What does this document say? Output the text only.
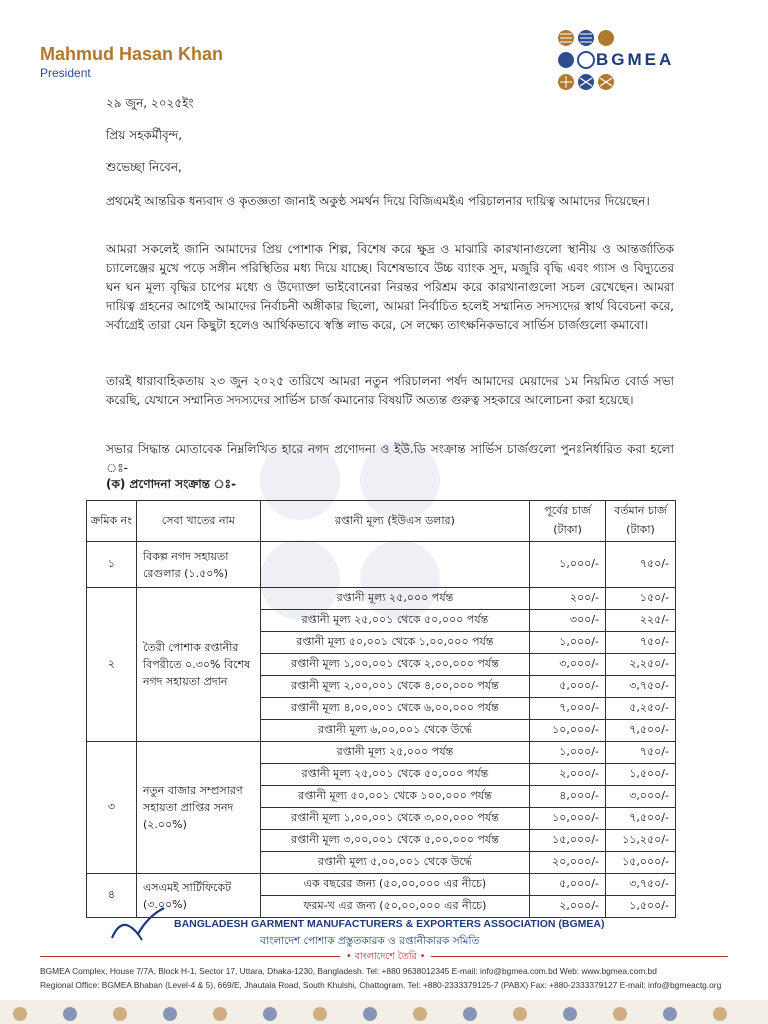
Mahmud Hasan Khan
President
BGMEA
২৯ জুন, ২০২৫ইং
প্রিয় সহকর্মীবৃন্দ,
শুভেচ্ছা নিবেন,
প্রথমেই আন্তরিক ধন্যবাদ ও কৃতজ্ঞতা জানাই অকুণ্ঠ সমর্থন দিয়ে বিজিএমইএ পরিচালনার দায়িত্ব আমাদের দিয়েছেন।
আমরা সকলেই জানি আমাদের প্রিয় পোশাক শিল্প, বিশেষ করে ক্ষুদ্র ও মাঝারি কারখানাগুলো স্থানীয় ও আন্তর্জাতিক চ্যালেঞ্জের মুখে পড়ে সঙ্গীন পরিস্থিতির মধ্য দিয়ে যাচ্ছে। বিশেষভাবে উচ্চ ব্যাংক সুদ, মজুরি বৃদ্ধি এবং গ্যাস ও বিদ্যুতের ঘন ঘন মূল্য বৃদ্ধির চাপের মধ্যে ও উদ্যোক্তা ভাইবোনেরা নিরন্তর পরিশ্রম করে কারখানাগুলো সচল রেখেছেন। আমরা দায়িত্ব গ্রহনের আগেই আমাদের নির্বাচনী অঙ্গীকার ছিলো, আমরা নির্বাচিত হলেই সম্মানিত সদস্যদের স্বার্থ বিবেচনা করে, সর্বাগ্রেই তারা যেন কিছুটা হলেও আর্থিকভাবে স্বস্তি লাভ করে, সে লক্ষ্যে তাৎক্ষনিকভাবে সার্ভিস চার্জগুলো কমাবো।
তারই ধারাবাহিকতায় ২৩ জুন ২০২৫ তারিখে আমরা নতুন পরিচালনা পর্ষদ আমাদের মেয়াদের ১ম নিয়মিত বোর্ড সভা করেছি, যেখানে সম্মানিত সদস্যদের সার্ভিস চার্জ কমানোর বিষয়টি অত্যন্ত গুরুত্ব সহকারে আলোচনা করা হয়েছে।
সভার সিদ্ধান্ত মোতাবেক নিম্নলিখিত হারে নগদ প্রণোদনা ও ইউ.ডি সংক্রান্ত সার্ভিস চার্জগুলো পুনঃনির্ধারিত করা হলো ঃ-
(ক) প্রণোদনা সংক্রান্ত ঃ-
ক্রমিক নং	সেবা খাতের নাম	রপ্তানী মূল্য (ইউএস ডলার)	পূর্বের চার্জ (টাকা)	বর্তমান চার্জ (টাকা)
১	বিকল্প নগদ সহায়তা রেগুলার (১.৫০%)		১,০০০/-	৭৫০/-
২	তৈরী পোশাক রপ্তানীর বিপরীতে ০.৩০% বিশেষ নগদ সহায়তা প্রদান	রপ্তানী মূল্য ২৫,০০০ পর্যন্ত	২০০/-	১৫০/-
		রপ্তানী মূল্য ২৫,০০১ থেকে ৫০,০০০ পর্যন্ত	৩০০/-	২২৫/-
		রপ্তানী মূল্য ৫০,০০১ থেকে ১,০০,০০০ পর্যন্ত	১,০০০/-	৭৫০/-
		রপ্তানী মূল্য ১,০০,০০১ থেকে ২,০০,০০০ পর্যন্ত	৩,০০০/-	২,২৫০/-
		রপ্তানী মূল্য ২,০০,০০১ থেকে ৪,০০,০০০ পর্যন্ত	৫,০০০/-	৩,৭৫০/-
		রপ্তানী মূল্য ৪,০০,০০১ থেকে ৬,০০,০০০ পর্যন্ত	৭,০০০/-	৫,২৫০/-
		রপ্তানী মূল্য ৬,০০,০০১ থেকে উর্দ্ধে	১০,০০০/-	৭,৫০০/-
৩	নতুন বাজার সম্প্রসারণ সহায়তা প্রাপ্তির সনদ (২.০০%)	রপ্তানী মূল্য ২৫,০০০ পর্যন্ত	১,০০০/-	৭৫০/-
		রপ্তানী মূল্য ২৫,০০১ থেকে ৫০,০০০ পর্যন্ত	২,০০০/-	১,৫০০/-
		রপ্তানী মূল্য ৫০,০০১ থেকে ১০০,০০০ পর্যন্ত	৪,০০০/-	৩,০০০/-
		রপ্তানী মূল্য ১,০০,০০১ থেকে ৩,০০,০০০ পর্যন্ত	১০,০০০/-	৭,৫০০/-
		রপ্তানী মূল্য ৩,০০,০০১ থেকে ৫,০০,০০০ পর্যন্ত	১৫,০০০/-	১১,২৫০/-
		রপ্তানী মূল্য ৫,০০,০০১ থেকে উর্দ্ধে	২০,০০০/-	১৫,০০০/-
৪	এসএমই সার্টিফিকেট (৩.০০%)	এক বছরের জন্য (৫০,০০,০০০ এর নীচে)	৫,০০০/-	৩,৭৫০/-
		ফরম-খ এর জন্য (৫০,০০,০০০ এর নীচে)	২,০০০/-	১,৫০০/-
BANGLADESH GARMENT MANUFACTURERS & EXPORTERS ASSOCIATION (BGMEA)
বাংলাদেশ পোশাক প্রস্তুতকারক ও রপ্তানীকারক সমিতি
• বাংলাদেশে তৈরি •
BGMEA Complex, House 7/7A, Block H-1, Sector 17, Uttara, Dhaka-1230, Bangladesh. Tel: +880 9638012345 E-mail: info@bgmea.com.bd Web: www.bgmea.com.bd
Regional Office: BGMEA Bhaban (Level-4 & 5), 669/E, Jhautala Road, South Khulshi, Chattogram. Tel: +880-2333379125-7 (PABX) Fax: +880-2333379127 E-mail: info@bgmeactg.org
